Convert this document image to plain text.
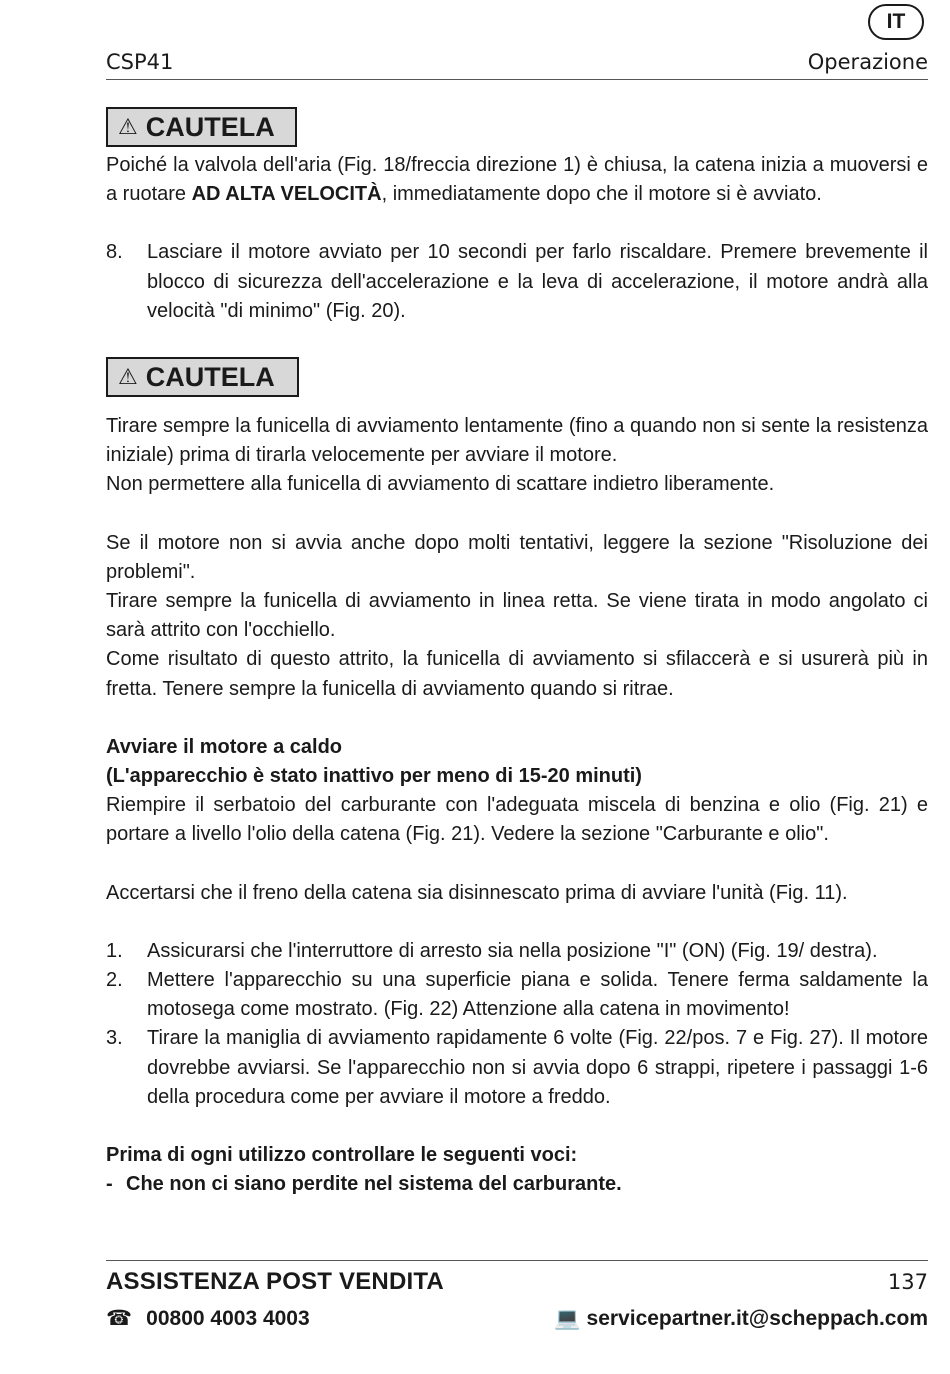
IT
CSP41	Operazione
⚠ CAUTELA

Poiché la valvola dell'aria (Fig. 18/freccia direzione 1) è chiusa, la catena inizia a muoversi e a ruotare AD ALTA VELOCITÀ, immediatamente dopo che il motore si è avviato.

8.	Lasciare il motore avviato per 10 secondi per farlo riscaldare. Premere brevemente il blocco di sicurezza dell'accelerazione e la leva di accelerazione, il motore andrà alla velocità "di minimo" (Fig. 20).
⚠ CAUTELA

Tirare sempre la funicella di avviamento lentamente (fino a quando non si sente la resistenza iniziale) prima di tirarla velocemente per avviare il motore.

Non permettere alla funicella di avviamento di scattare indietro liberamente.

Se il motore non si avvia anche dopo molti tentativi, leggere la sezione "Risoluzione dei problemi".

Tirare sempre la funicella di avviamento in linea retta. Se viene tirata in modo angolato ci sarà attrito con l'occhiello.

Come risultato di questo attrito, la funicella di avviamento si sfilaccerà e si usurerà più in fretta. Tenere sempre la funicella di avviamento quando si ritrae.

Avviare il motore a caldo

(L'apparecchio è stato inattivo per meno di 15-20 minuti)

Riempire il serbatoio del carburante con l'adeguata miscela di benzina e olio (Fig. 21) e portare a livello l'olio della catena (Fig. 21). Vedere la sezione "Carburante e olio".

Accertarsi che il freno della catena sia disinnescato prima di avviare l'unità (Fig. 11).

1.	Assicurarsi che l'interruttore di arresto sia nella posizione "I" (ON) (Fig. 19/ destra).
2.	Mettere l'apparecchio su una superficie piana e solida. Tenere ferma saldamente la motosega come mostrato. (Fig. 22) Attenzione alla catena in movimento!
3.	Tirare la maniglia di avviamento rapidamente 6 volte (Fig. 22/pos. 7 e Fig. 27). Il motore dovrebbe avviarsi. Se l'apparecchio non si avvia dopo 6 strappi, ripetere i passaggi 1-6 della procedura come per avviare il motore a freddo.

Prima di ogni utilizzo controllare le seguenti voci:

- Che non ci siano perdite nel sistema del carburante.
ASSISTENZA POST VENDITA	137
☎ 00800 4003 4003	💻 servicepartner.it@scheppach.com
